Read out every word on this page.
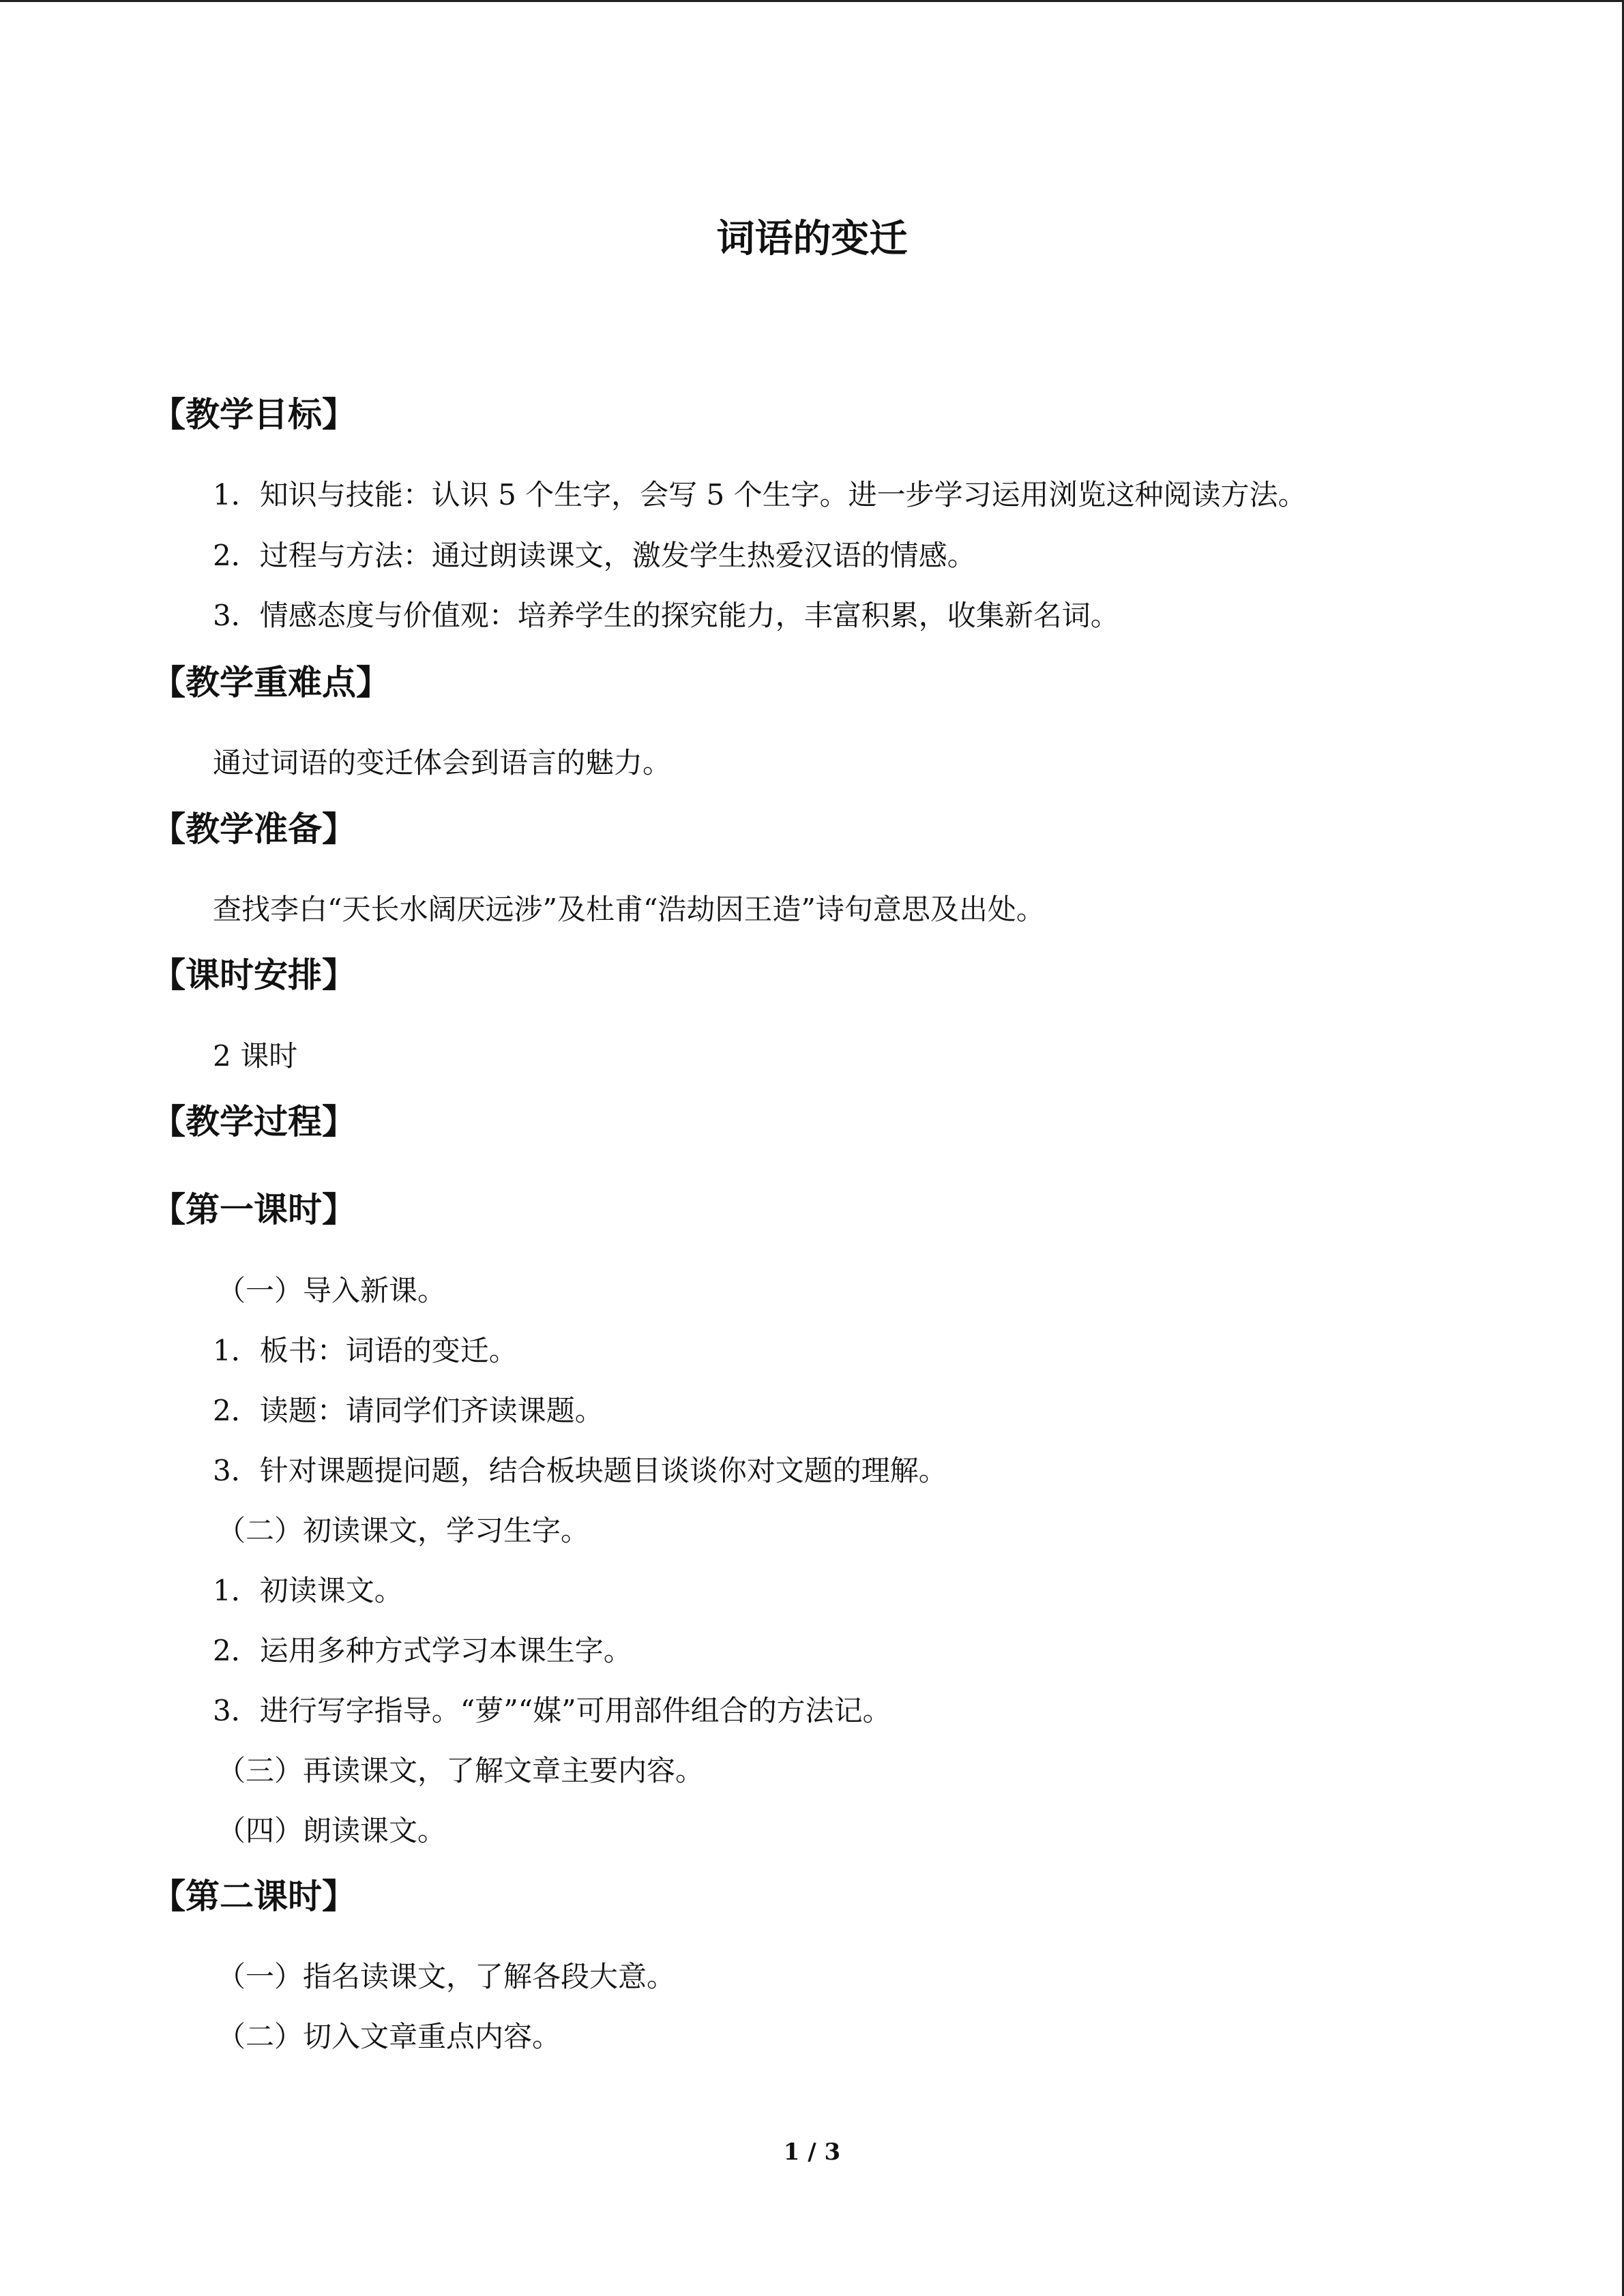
词语的变迁
【教学目标】

1．知识与技能：认识 5 个生字，会写 5 个生字。进一步学习运用浏览这种阅读方法。

2．过程与方法：通过朗读课文，激发学生热爱汉语的情感。

3．情感态度与价值观：培养学生的探究能力，丰富积累，收集新名词。

【教学重难点】

通过词语的变迁体会到语言的魅力。

【教学准备】

查找李白“天长水阔厌远涉”及杜甫“浩劫因王造”诗句意思及出处。

【课时安排】

2 课时

【教学过程】
【第一课时】

（一）导入新课。

1．板书：词语的变迁。

2．读题：请同学们齐读课题。

3．针对课题提问题，结合板块题目谈谈你对文题的理解。

（二）初读课文，学习生字。

1．初读课文。

2．运用多种方式学习本课生字。

3．进行写字指导。“萝”“媒”可用部件组合的方法记。

（三）再读课文，了解文章主要内容。

（四）朗读课文。

【第二课时】

（一）指名读课文，了解各段大意。

（二）切入文章重点内容。

1 / 3
